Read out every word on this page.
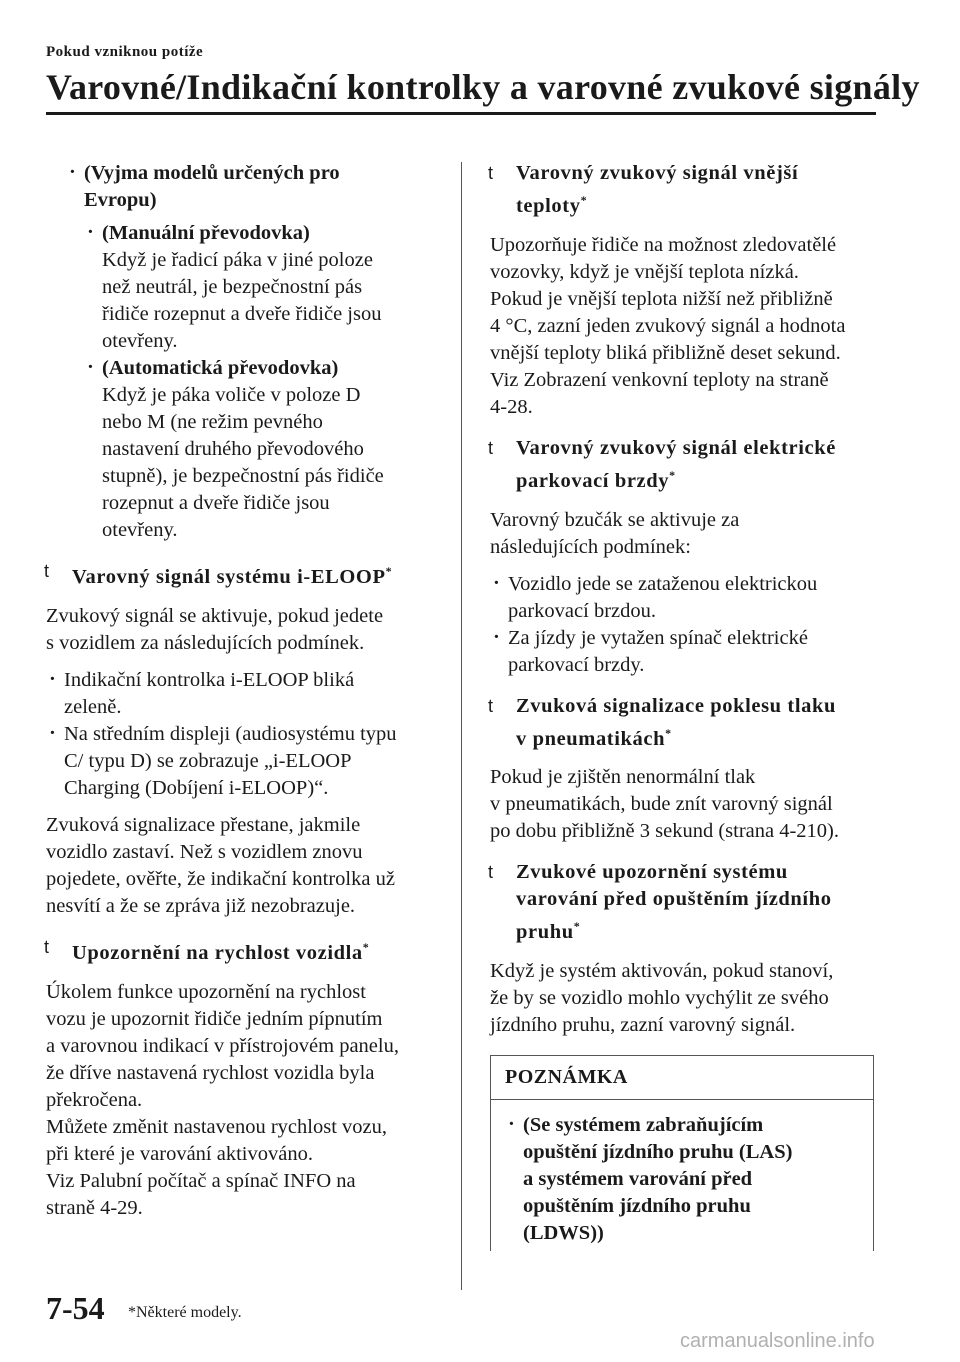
Pokud vzniknou potíže
Varovné/Indikační kontrolky a varovné zvukové signály
· (Vyjma modelů určených pro
Evropu)
· (Manuální převodovka)
Když je řadicí páka v jiné poloze
než neutrál, je bezpečnostní pás
řidiče rozepnut a dveře řidiče jsou
otevřeny.
· (Automatická převodovka)
Když je páka voliče v poloze D
nebo M (ne režim pevného
nastavení druhého převodového
stupně), je bezpečnostní pás řidiče
rozepnut a dveře řidiče jsou
otevřeny.
t Varovný signál systému i-ELOOP*

Zvukový signál se aktivuje, pokud jedete
s vozidlem za následujících podmínek.

· Indikační kontrolka i-ELOOP bliká
zeleně.
· Na středním displeji (audiosystému typu
C/ typu D) se zobrazuje „i-ELOOP
Charging (Dobíjení i-ELOOP)“.

Zvuková signalizace přestane, jakmile
vozidlo zastaví. Než s vozidlem znovu
pojedete, ověřte, že indikační kontrolka už
nesvítí a že se zpráva již nezobrazuje.

t Upozornění na rychlost vozidla*

Úkolem funkce upozornění na rychlost
vozu je upozornit řidiče jedním pípnutím
a varovnou indikací v přístrojovém panelu,
že dříve nastavená rychlost vozidla byla
překročena.
Můžete změnit nastavenou rychlost vozu,
při které je varování aktivováno.
Viz Palubní počítač a spínač INFO na
straně 4-29.

t Varovný zvukový signál vnější
teploty*

Upozorňuje řidiče na možnost zledovatělé
vozovky, když je vnější teplota nízká.
Pokud je vnější teplota nižší než přibližně
4 °C, zazní jeden zvukový signál a hodnota
vnější teploty bliká přibližně deset sekund.
Viz Zobrazení venkovní teploty na straně
4-28.

t Varovný zvukový signál elektrické
parkovací brzdy*

Varovný bzučák se aktivuje za
následujících podmínek:

· Vozidlo jede se zataženou elektrickou
parkovací brzdou.
· Za jízdy je vytažen spínač elektrické
parkovací brzdy.
t Zvuková signalizace poklesu tlaku
v pneumatikách*

Pokud je zjištěn nenormální tlak
v pneumatikách, bude znít varovný signál
po dobu přibližně 3 sekund (strana 4-210).

t Zvukové upozornění systému
varování před opuštěním jízdního
pruhu*

Když je systém aktivován, pokud stanoví,
že by se vozidlo mohlo vychýlit ze svého
jízdního pruhu, zazní varovný signál.

POZNÁMKA
· (Se systémem zabraňujícím
opuštění jízdního pruhu (LAS)
a systémem varování před
opuštěním jízdního pruhu
(LDWS))
7-54 *Některé modely.
carmanualsonline.info
